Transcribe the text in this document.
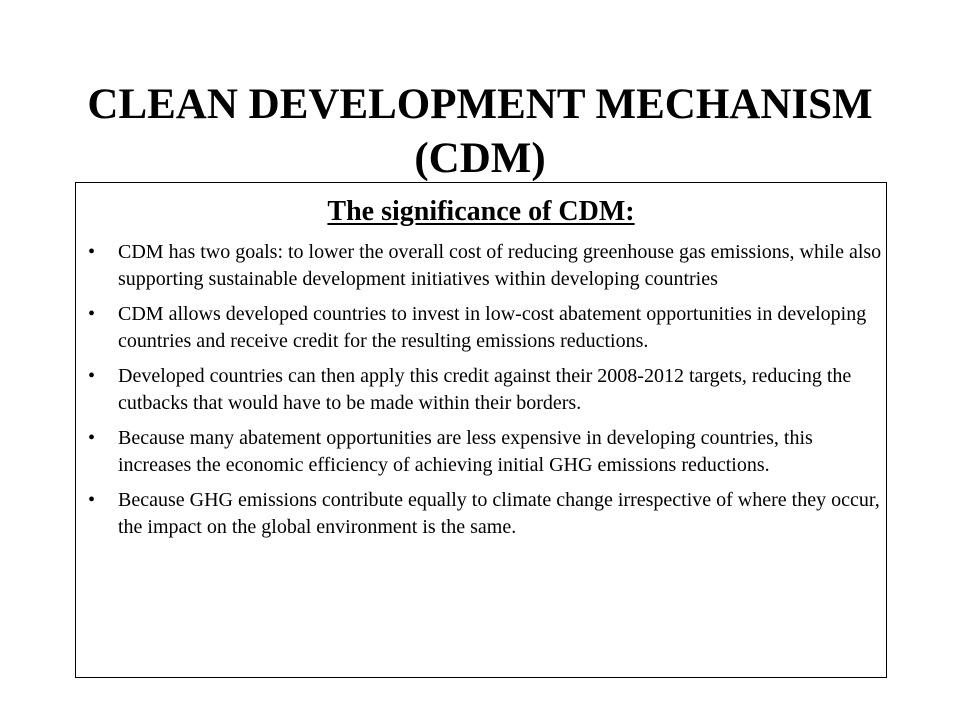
CLEAN DEVELOPMENT MECHANISM
(CDM)
The significance of CDM:
•	CDM has two goals: to lower the overall cost of reducing greenhouse gas emissions, while also supporting sustainable development initiatives within developing countries
•	CDM allows developed countries to invest in low-cost abatement opportunities in developing countries and receive credit for the resulting emissions reductions.
•	Developed countries can then apply this credit against their 2008-2012 targets, reducing the cutbacks that would have to be made within their borders.
•	Because many abatement opportunities are less expensive in developing countries, this increases the economic efficiency of achieving initial GHG emissions reductions.
•	Because GHG emissions contribute equally to climate change irrespective of where they occur, the impact on the global environment is the same.
